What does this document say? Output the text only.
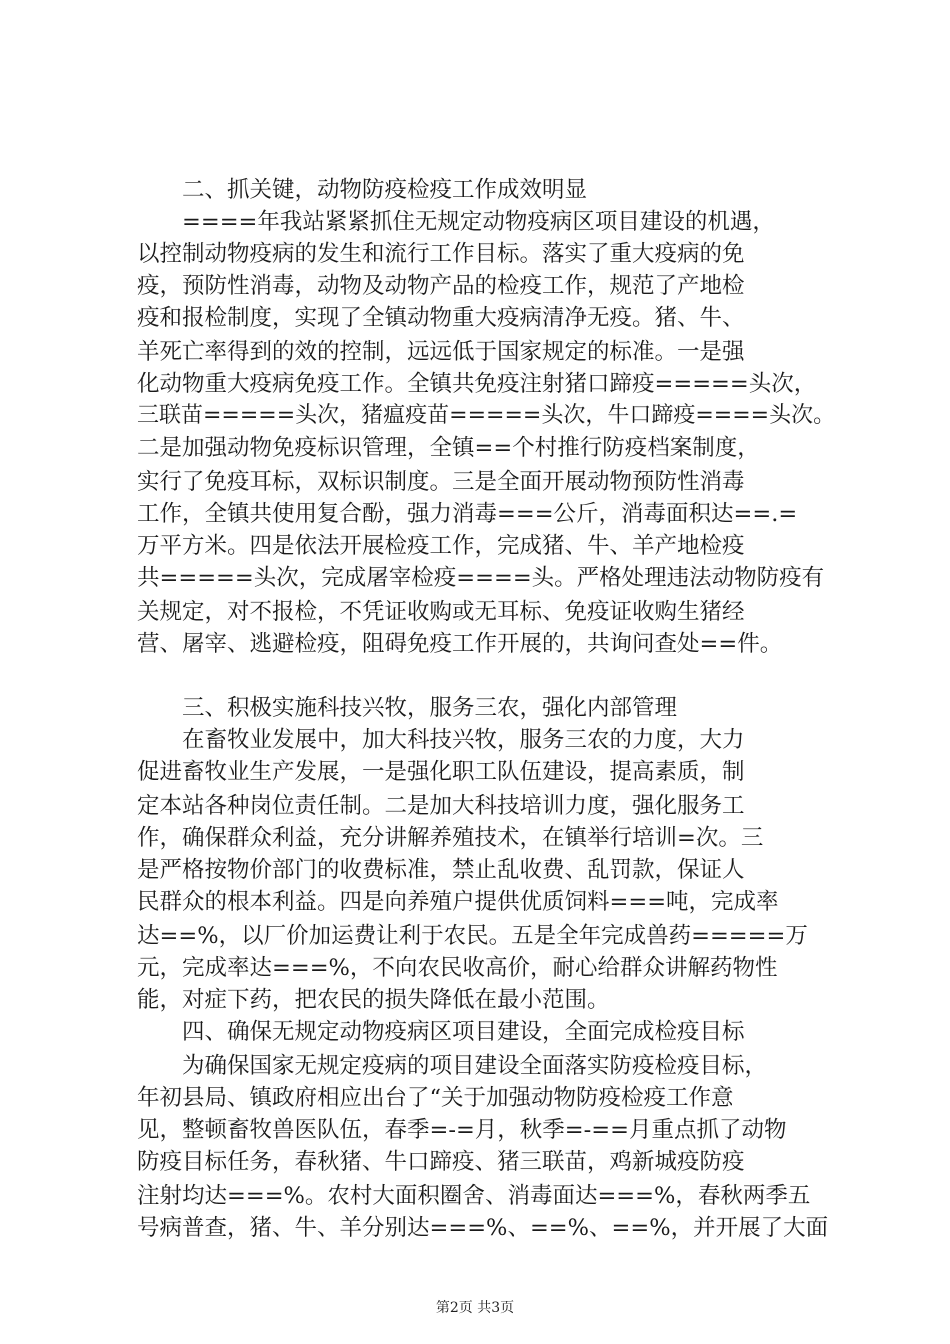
二、抓关键，动物防疫检疫工作成效明显
====年我站紧紧抓住无规定动物疫病区项目建设的机遇，
以控制动物疫病的发生和流行工作目标。落实了重大疫病的免
疫，预防性消毒，动物及动物产品的检疫工作，规范了产地检
疫和报检制度，实现了全镇动物重大疫病清净无疫。猪、牛、
羊死亡率得到的效的控制，远远低于国家规定的标准。一是强
化动物重大疫病免疫工作。全镇共免疫注射猪口蹄疫=====头次，
三联苗=====头次，猪瘟疫苗=====头次，牛口蹄疫====头次。
二是加强动物免疫标识管理，全镇==个村推行防疫档案制度，
实行了免疫耳标，双标识制度。三是全面开展动物预防性消毒
工作，全镇共使用复合酚，强力消毒===公斤，消毒面积达==.=
万平方米。四是依法开展检疫工作，完成猪、牛、羊产地检疫
共=====头次，完成屠宰检疫====头。严格处理违法动物防疫有
关规定，对不报检，不凭证收购或无耳标、免疫证收购生猪经
营、屠宰、逃避检疫，阻碍免疫工作开展的，共询问查处==件。
三、积极实施科技兴牧，服务三农，强化内部管理
在畜牧业发展中，加大科技兴牧，服务三农的力度，大力
促进畜牧业生产发展，一是强化职工队伍建设，提高素质，制
定本站各种岗位责任制。二是加大科技培训力度，强化服务工
作，确保群众利益，充分讲解养殖技术，在镇举行培训=次。三
是严格按物价部门的收费标准，禁止乱收费、乱罚款，保证人
民群众的根本利益。四是向养殖户提供优质饲料===吨，完成率
达==%，以厂价加运费让利于农民。五是全年完成兽药=====万
元，完成率达===%，不向农民收高价，耐心给群众讲解药物性
能，对症下药，把农民的损失降低在最小范围。
四、确保无规定动物疫病区项目建设，全面完成检疫目标
为确保国家无规定疫病的项目建设全面落实防疫检疫目标，
年初县局、镇政府相应出台了“关于加强动物防疫检疫工作意
见，整顿畜牧兽医队伍，春季=-=月，秋季=-==月重点抓了动物
防疫目标任务，春秋猪、牛口蹄疫、猪三联苗，鸡新城疫防疫
注射均达===%。农村大面积圈舍、消毒面达===%，春秋两季五
号病普查，猪、牛、羊分别达===%、==%、==%，并开展了大面
第2页 共3页
